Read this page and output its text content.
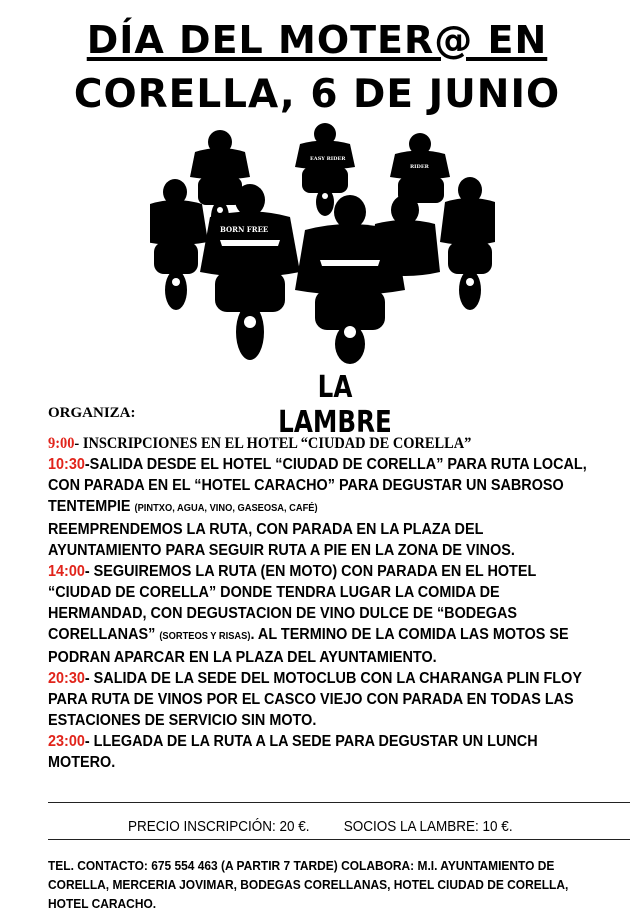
DÍA DEL MOTER@ EN
CORELLA, 6 DE JUNIO
BORN FREE
EASY RIDER
RIDER
LA LAMBRE
ORGANIZA:
9:00- INSCRIPCIONES EN EL HOTEL “CIUDAD DE CORELLA”
10:30-SALIDA DESDE EL HOTEL “CIUDAD DE CORELLA” PARA RUTA LOCAL, CON PARADA EN EL “HOTEL CARACHO” PARA DEGUSTAR UN SABROSO TENTEMPIE (PINTXO, AGUA, VINO, GASEOSA, CAFÉ)
REEMPRENDEMOS LA RUTA, CON PARADA EN LA PLAZA DEL AYUNTAMIENTO PARA SEGUIR RUTA A PIE EN LA ZONA DE VINOS.
14:00- SEGUIREMOS LA RUTA (EN MOTO) CON PARADA EN EL HOTEL “CIUDAD DE CORELLA” DONDE TENDRA LUGAR LA COMIDA DE HERMANDAD, CON DEGUSTACION DE VINO DULCE DE “BODEGAS CORELLANAS” (SORTEOS Y RISAS). AL TERMINO DE LA COMIDA LAS MOTOS SE PODRAN APARCAR EN LA PLAZA DEL AYUNTAMIENTO.
20:30- SALIDA DE LA SEDE DEL MOTOCLUB CON LA CHARANGA PLIN FLOY PARA RUTA DE VINOS POR EL CASCO VIEJO CON PARADA EN TODAS LAS ESTACIONES DE SERVICIO SIN MOTO.
23:00- LLEGADA DE LA RUTA A LA SEDE PARA DEGUSTAR UN LUNCH MOTERO.
PRECIO INSCRIPCIÓN: 20 €. SOCIOS LA LAMBRE: 10 €.
TEL. CONTACTO: 675 554 463 (A PARTIR 7 TARDE) COLABORA: M.I. AYUNTAMIENTO DE CORELLA, MERCERIA JOVIMAR, BODEGAS CORELLANAS, HOTEL CIUDAD DE CORELLA, HOTEL CARACHO.
